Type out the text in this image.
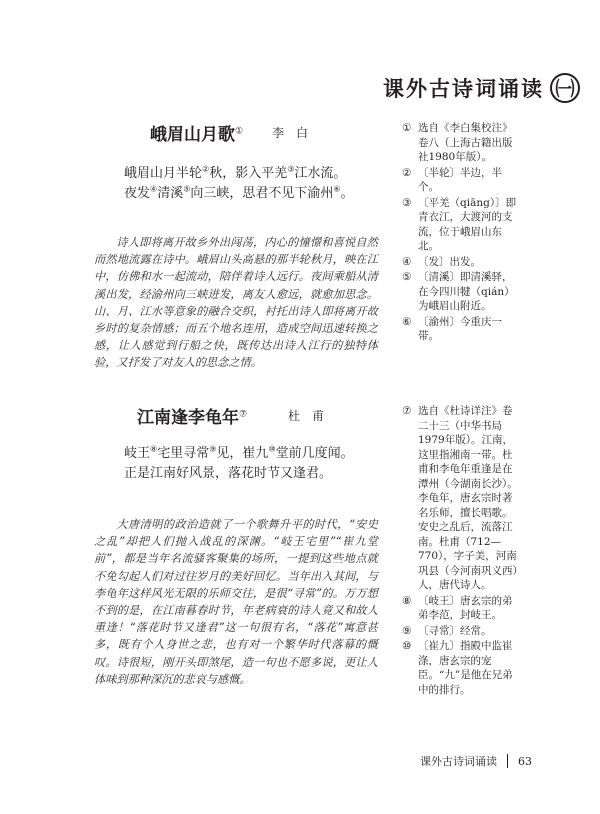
课外古诗词诵读 ㈠
峨眉山月歌① 李白
峨眉山月半轮②秋，影入平羌③江水流。
夜发④清溪⑤向三峡，思君不见下渝州⑥。

诗人即将离开故乡外出闯荡，内心的憧憬和喜悦自然而然地流露在诗中。峨眉山头高悬的那半轮秋月，映在江中，仿佛和水一起流动，陪伴着诗人远行。夜间乘船从清溪出发，经渝州向三峡进发，离友人愈远，就愈加思念。山、月、江水等意象的融合交织，衬托出诗人即将离开故乡时的复杂情感；而五个地名连用，造成空间迅速转换之感，让人感觉到行船之快，既传达出诗人江行的独特体验，又抒发了对友人的思念之情。

① 选自《李白集校注》卷八（上海古籍出版社1980年版）。
② 〔半轮〕半边，半个。
③ 〔平羌（qiāng）〕即青衣江，大渡河的支流，位于峨眉山东北。
④ 〔发〕出发。
⑤ 〔清溪〕即清溪驿，在今四川犍（qián）为峨眉山附近。
⑥ 〔渝州〕今重庆一带。
江南逢李龟年⑦	杜甫
岐王⑧宅里寻常⑨见，崔九⑩堂前几度闻。
正是江南好风景，落花时节又逢君。

大唐清明的政治造就了一个歌舞升平的时代，“安史之乱”却把人们抛入战乱的深渊。“岐王宅里”“崔九堂前”，都是当年名流骚客聚集的场所，一提到这些地点就不免勾起人们对过往岁月的美好回忆。当年出入其间，与李龟年这样风光无限的乐师交往，是很“寻常”的。万万想不到的是，在江南暮春时节，年老病衰的诗人竟又和故人重逢！“落花时节又逢君”这一句很有名，“落花”寓意甚多，既有个人身世之悲，也有对一个繁华时代落幕的慨叹。诗很短，刚开头即煞尾，造一句也不愿多说，更让人体味到那种深沉的悲哀与感慨。

⑦ 选自《杜诗详注》卷二十三（中华书局1979年版）。江南，这里指湘南一带。杜甫和李龟年重逢是在潭州（今湖南长沙）。李龟年，唐玄宗时著名乐师，擅长唱歌。安史之乱后，流落江南。杜甫（712—770），字子美，河南巩县（今河南巩义西）人，唐代诗人。
⑧ 〔岐王〕唐玄宗的弟弟李范，封岐王。
⑨ 〔寻常〕经常。
⑩ 〔崔九〕指殿中监崔涤，唐玄宗的宠臣。“九”是他在兄弟中的排行。
课外古诗词诵读 63
